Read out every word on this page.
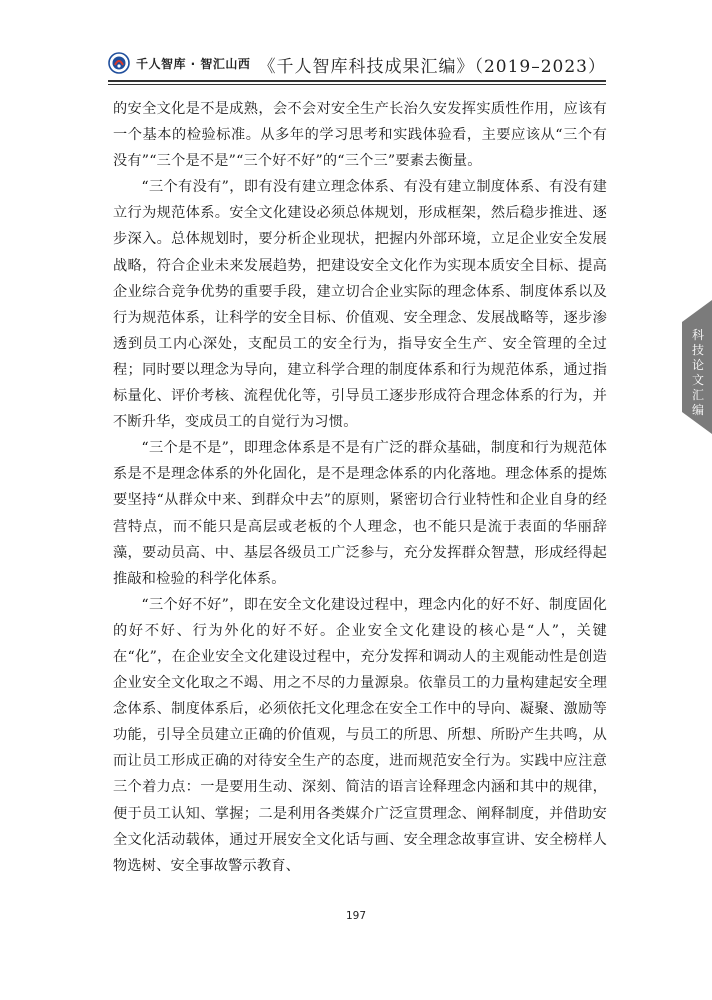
千人智库 · 智汇山西 《千人智库科技成果汇编》（2019–2023）

的安全文化是不是成熟，会不会对安全生产长治久安发挥实质性作用，应该有一个基本的检验标准。从多年的学习思考和实践体验看，主要应该从“三个有没有”“三个是不是”“三个好不好”的“三个三”要素去衡量。

“三个有没有”，即有没有建立理念体系、有没有建立制度体系、有没有建立行为规范体系。安全文化建设必须总体规划，形成框架，然后稳步推进、逐步深入。总体规划时，要分析企业现状，把握内外部环境，立足企业安全发展战略，符合企业未来发展趋势，把建设安全文化作为实现本质安全目标、提高企业综合竞争优势的重要手段，建立切合企业实际的理念体系、制度体系以及行为规范体系，让科学的安全目标、价值观、安全理念、发展战略等，逐步渗透到员工内心深处，支配员工的安全行为，指导安全生产、安全管理的全过程；同时要以理念为导向，建立科学合理的制度体系和行为规范体系，通过指标量化、评价考核、流程优化等，引导员工逐步形成符合理念体系的行为，并不断升华，变成员工的自觉行为习惯。

“三个是不是”，即理念体系是不是有广泛的群众基础，制度和行为规范体系是不是理念体系的外化固化，是不是理念体系的内化落地。理念体系的提炼要坚持“从群众中来、到群众中去”的原则，紧密切合行业特性和企业自身的经营特点，而不能只是高层或老板的个人理念，也不能只是流于表面的华丽辞藻，要动员高、中、基层各级员工广泛参与，充分发挥群众智慧，形成经得起推敲和检验的科学化体系。

“三个好不好”，即在安全文化建设过程中，理念内化的好不好、制度固化的好不好、行为外化的好不好。企业安全文化建设的核心是“人”，关键在“化”，在企业安全文化建设过程中，充分发挥和调动人的主观能动性是创造企业安全文化取之不竭、用之不尽的力量源泉。依靠员工的力量构建起安全理念体系、制度体系后，必须依托文化理念在安全工作中的导向、凝聚、激励等功能，引导全员建立正确的价值观，与员工的所思、所想、所盼产生共鸣，从而让员工形成正确的对待安全生产的态度，进而规范安全行为。实践中应注意三个着力点：一是要用生动、深刻、简洁的语言诠释理念内涵和其中的规律，便于员工认知、掌握；二是利用各类媒介广泛宣贯理念、阐释制度，并借助安全文化活动载体，通过开展安全文化话与画、安全理念故事宣讲、安全榜样人物选树、安全事故警示教育、

科技论文汇编
197
